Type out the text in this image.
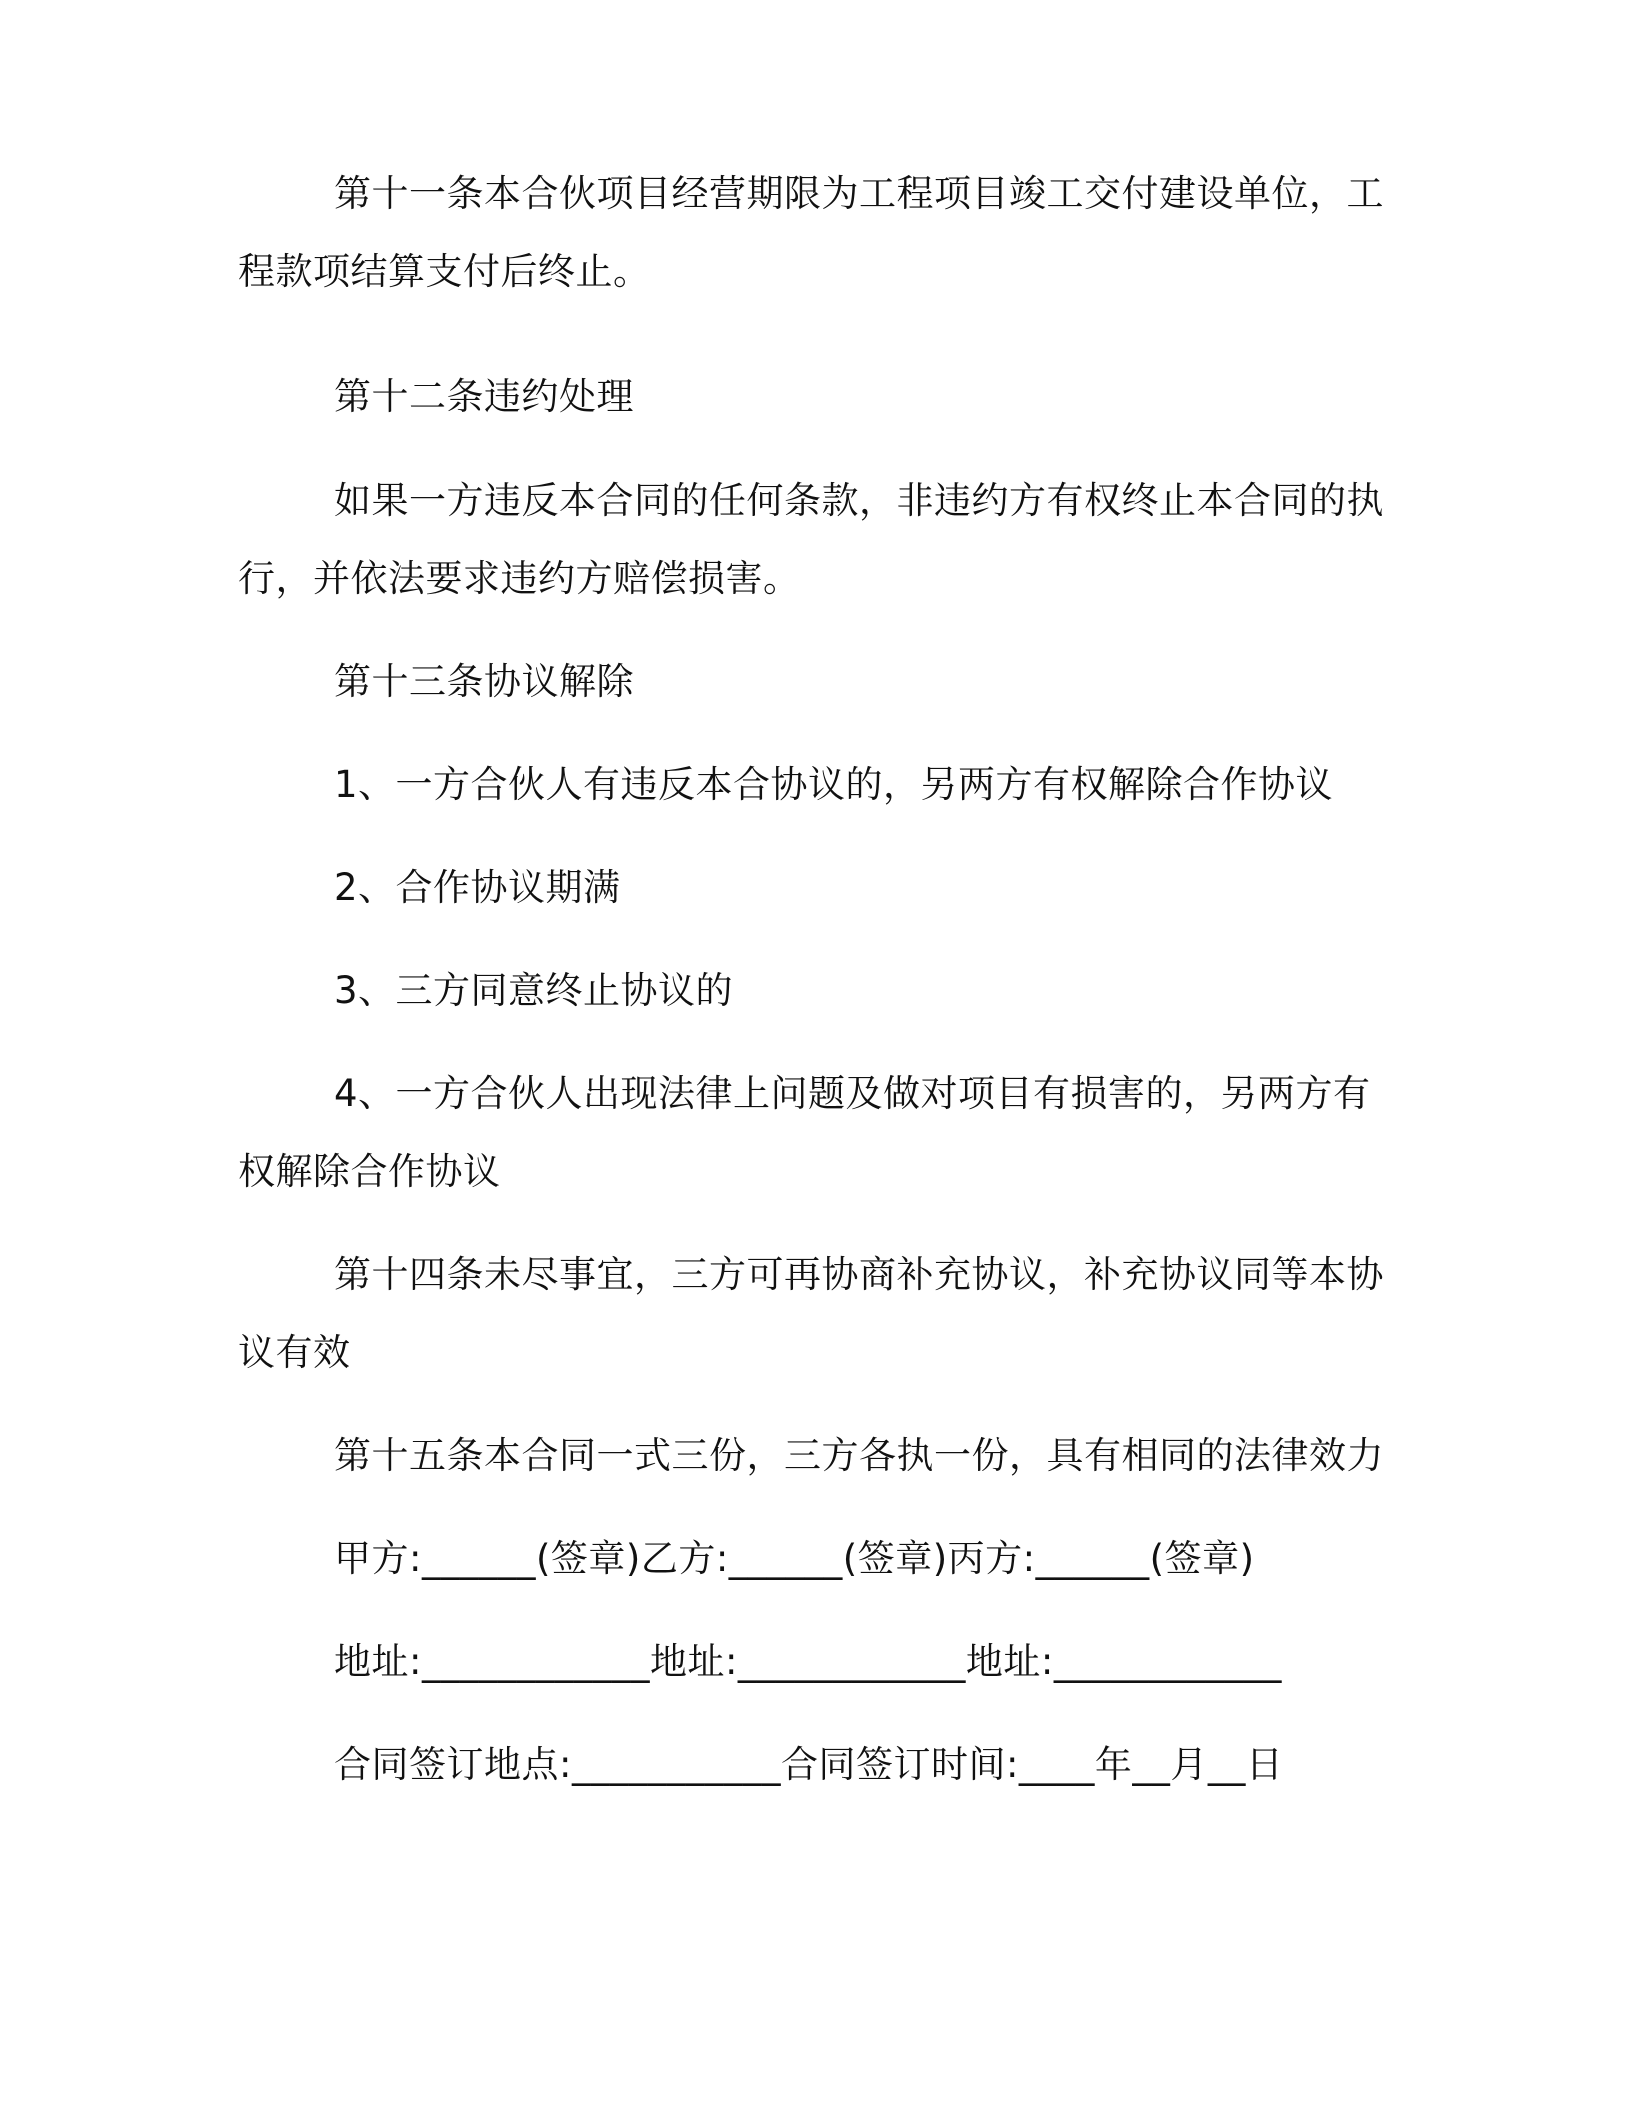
第十一条本合伙项目经营期限为工程项目竣工交付建设单位，工程款项结算支付后终止。

第十二条违约处理

如果一方违反本合同的任何条款，非违约方有权终止本合同的执行，并依法要求违约方赔偿损害。

第十三条协议解除

1、一方合伙人有违反本合协议的，另两方有权解除合作协议

2、合作协议期满

3、三方同意终止协议的

4、一方合伙人出现法律上问题及做对项目有损害的，另两方有权解除合作协议

第十四条未尽事宜，三方可再协商补充协议，补充协议同等本协议有效

第十五条本合同一式三份，三方各执一份，具有相同的法律效力

甲方:______(签章)乙方:______(签章)丙方:______(签章)

地址:____________地址:____________地址:____________

合同签订地点:___________合同签订时间:____年__月__日
